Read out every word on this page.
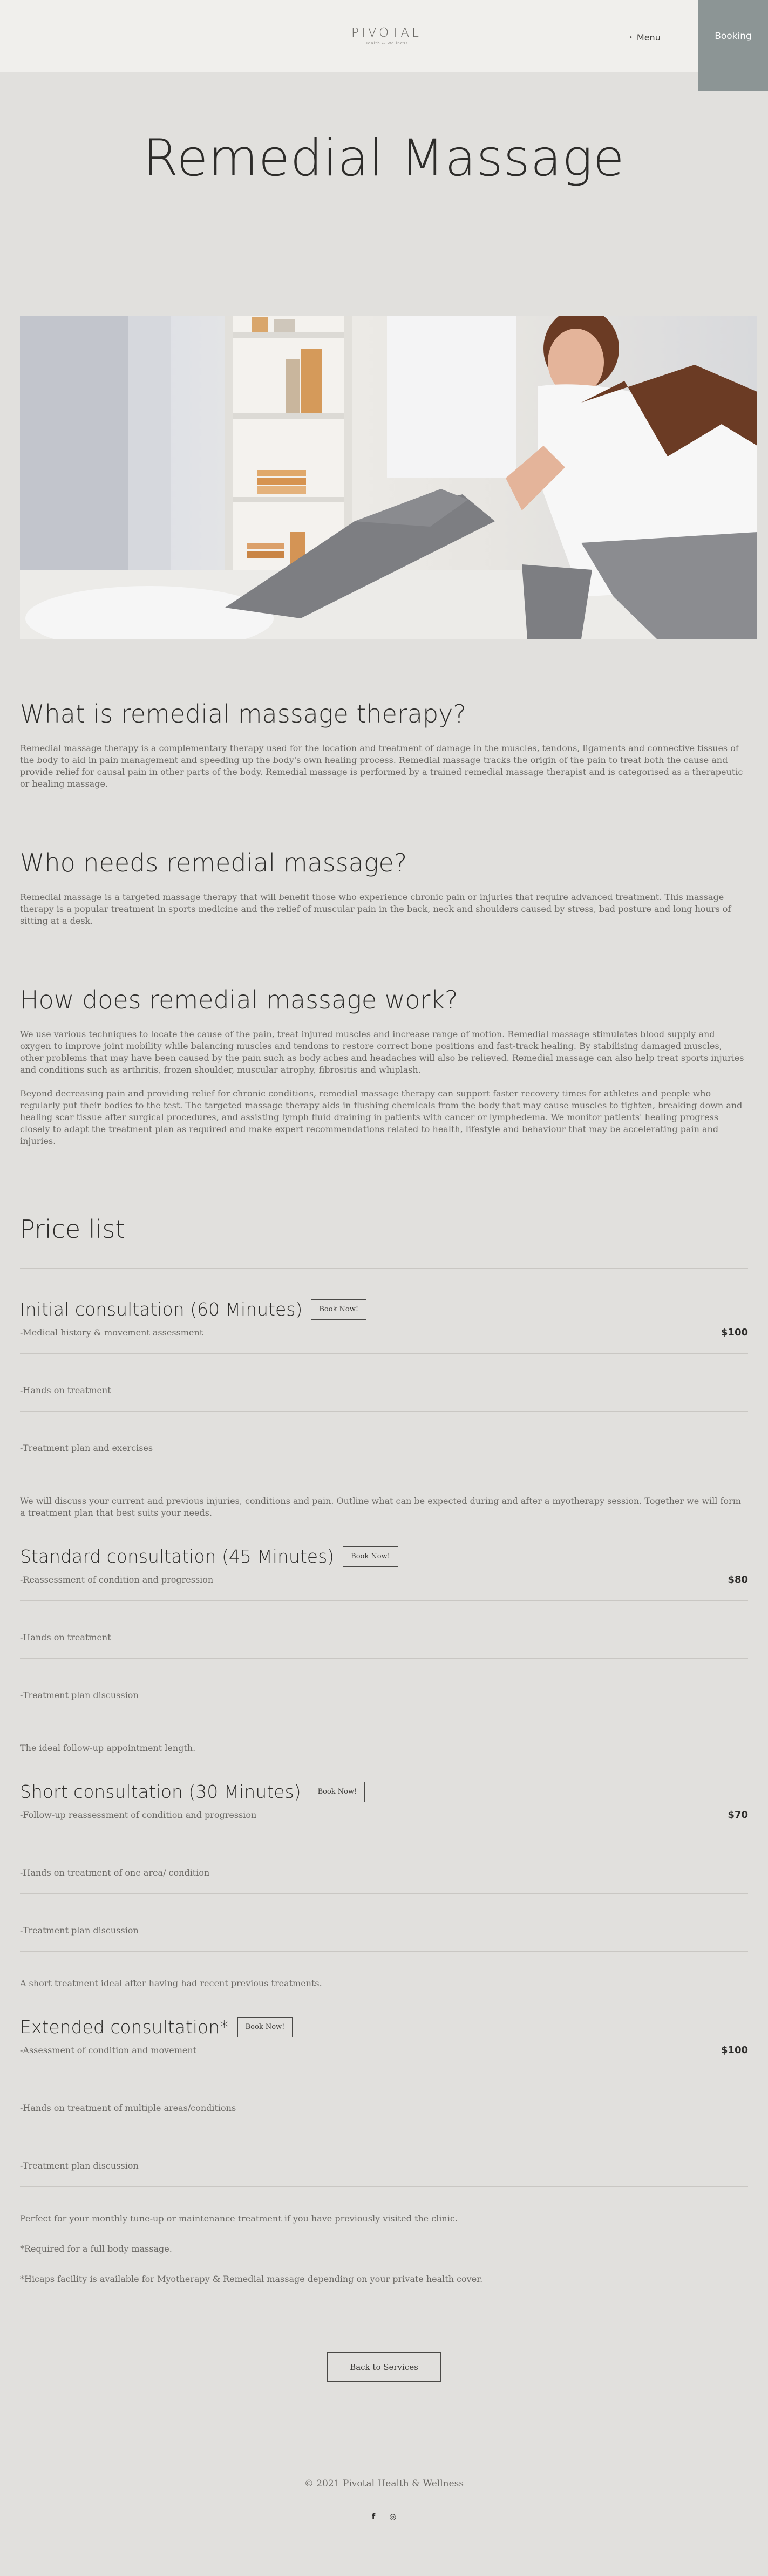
PIVOTAL
Health & Wellness
• Menu	Booking
Remedial Massage
What is remedial massage therapy?

Remedial massage therapy is a complementary therapy used for the location and treatment of damage in the muscles, tendons, ligaments and connective tissues of the body to aid in pain management and speeding up the body's own healing process. Remedial massage tracks the origin of the pain to treat both the cause and provide relief for causal pain in other parts of the body. Remedial massage is performed by a trained remedial massage therapist and is categorised as a therapeutic or healing massage.

Who needs remedial massage?

Remedial massage is a targeted massage therapy that will benefit those who experience chronic pain or injuries that require advanced treatment. This massage therapy is a popular treatment in sports medicine and the relief of muscular pain in the back, neck and shoulders caused by stress, bad posture and long hours of sitting at a desk.

How does remedial massage work?

We use various techniques to locate the cause of the pain, treat injured muscles and increase range of motion. Remedial massage stimulates blood supply and oxygen to improve joint mobility while balancing muscles and tendons to restore correct bone positions and fast-track healing. By stabilising damaged muscles, other problems that may have been caused by the pain such as body aches and headaches will also be relieved. Remedial massage can also help treat sports injuries and conditions such as arthritis, frozen shoulder, muscular atrophy, fibrositis and whiplash.

Beyond decreasing pain and providing relief for chronic conditions, remedial massage therapy can support faster recovery times for athletes and people who regularly put their bodies to the test. The targeted massage therapy aids in flushing chemicals from the body that may cause muscles to tighten, breaking down and healing scar tissue after surgical procedures, and assisting lymph fluid draining in patients with cancer or lymphedema. We monitor patients' healing progress closely to adapt the treatment plan as required and make expert recommendations related to health, lifestyle and behaviour that may be accelerating pain and injuries.

Price list
Initial consultation (60 Minutes)	Book Now!
-Medical history & movement assessment	$100
-Hands on treatment
-Treatment plan and exercises

We will discuss your current and previous injuries, conditions and pain. Outline what can be expected during and after a myotherapy session. Together we will form a treatment plan that best suits your needs.

Standard consultation (45 Minutes)	Book Now!
-Reassessment of condition and progression	$80
-Hands on treatment
-Treatment plan discussion

The ideal follow-up appointment length.

Short consultation (30 Minutes)	Book Now!
-Follow-up reassessment of condition and progression	$70
-Hands on treatment of one area/ condition
-Treatment plan discussion

A short treatment ideal after having had recent previous treatments.

Extended consultation*	Book Now!
-Assessment of condition and movement	$100
-Hands on treatment of multiple areas/conditions
-Treatment plan discussion

Perfect for your monthly tune-up or maintenance treatment if you have previously visited the clinic.

*Required for a full body massage.

*Hicaps facility is available for Myotherapy & Remedial massage depending on your private health cover.

Back to Services

© 2021 Pivotal Health & Wellness

f ◎
